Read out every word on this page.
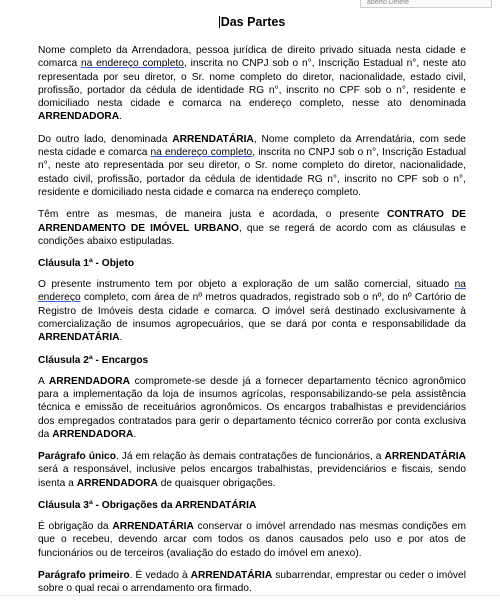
aberto Delete
Das Partes

Nome completo da Arrendadora, pessoa jurídica de direito privado situada nesta cidade e comarca na endereço completo, inscrita no CNPJ sob o n°, Inscrição Estadual n°, neste ato representada por seu diretor, o Sr. nome completo do diretor, nacionalidade, estado civil, profissão, portador da cédula de identidade RG n°, inscrito no CPF sob o n°, residente e domiciliado nesta cidade e comarca na endereço completo, nesse ato denominada ARRENDADORA.

Do outro lado, denominada ARRENDATÁRIA, Nome completo da Arrendatária, com sede nesta cidade e comarca na endereço completo, inscrita no CNPJ sob o n°, Inscrição Estadual n°, neste ato representada por seu diretor, o Sr. nome completo do diretor, nacionalidade, estado civil, profissão, portador da cédula de identidade RG n°, inscrito no CPF sob o n°, residente e domiciliado nesta cidade e comarca na endereço completo.

Têm entre as mesmas, de maneira justa e acordada, o presente CONTRATO DE ARRENDAMENTO DE IMÓVEL URBANO, que se regerá de acordo com as cláusulas e condições abaixo estipuladas.

Cláusula 1ª - Objeto

O presente instrumento tem por objeto a exploração de um salão comercial, situado na endereço completo, com área de nº metros quadrados, registrado sob o nº, do nº Cartório de Registro de Imóveis desta cidade e comarca. O imóvel será destinado exclusivamente à comercialização de insumos agropecuários, que se dará por conta e responsabilidade da ARRENDATÁRIA.

Cláusula 2ª - Encargos

A ARRENDADORA compromete-se desde já a fornecer departamento técnico agronômico para a implementação da loja de insumos agrícolas, responsabilizando-se pela assistência técnica e emissão de receituários agronômicos. Os encargos trabalhistas e previdenciários dos empregados contratados para gerir o departamento técnico correrão por conta exclusiva da ARRENDADORA.

Parágrafo único. Já em relação às demais contratações de funcionários, a ARRENDATÁRIA será a responsável, inclusive pelos encargos trabalhistas, previdenciários e fiscais, sendo isenta a ARRENDADORA de quaisquer obrigações.

Cláusula 3ª - Obrigações da ARRENDATÁRIA

É obrigação da ARRENDATÁRIA conservar o imóvel arrendado nas mesmas condições em que o recebeu, devendo arcar com todos os danos causados pelo uso e por atos de funcionários ou de terceiros (avaliação do estado do imóvel em anexo).

Parágrafo primeiro. É vedado à ARRENDATÁRIA subarrendar, emprestar ou ceder o imóvel sobre o qual recai o arrendamento ora firmado.
